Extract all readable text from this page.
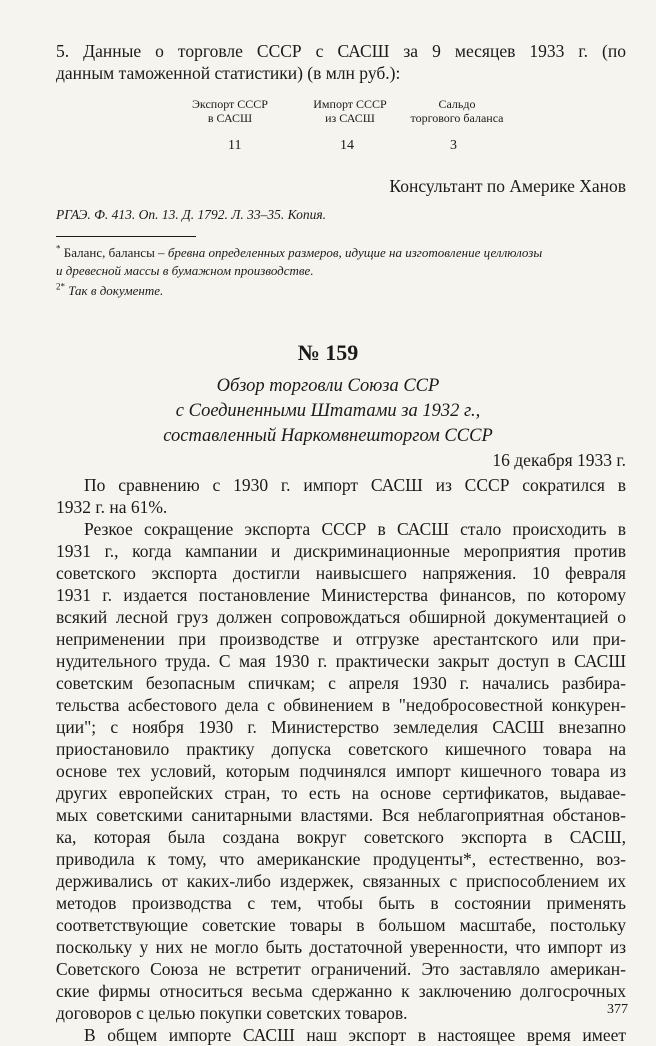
5. Данные о торговле СССР с САСШ за 9 месяцев 1933 г. (по
данным таможенной статистики) (в млн руб.):
Экспорт СССР
в САСШ
Импорт СССР
из САСШ
Сальдо
торгового баланса
11	14	3
Консультант по Америке Ханов
РГАЭ. Ф. 413. Оп. 13. Д. 1792. Л. 33–35. Копия.
* Баланс, балансы – бревна определенных размеров, идущие на изготовление целлюлозы
и древесной массы в бумажном производстве.
$^{2*}$ Так в документе.
№ 159
Обзор торговли Союза ССР
с Соединенными Штатами за 1932 г.,
составленный Наркомвнешторгом СССР
16 декабря 1933 г.
По сравнению с 1930 г. импорт САСШ из СССР сократился в
1932 г. на 61%.
Резкое сокращение экспорта СССР в САСШ стало происходить в
1931 г., когда кампании и дискриминационные мероприятия против
советского экспорта достигли наивысшего напряжения. 10 февраля
1931 г. издается постановление Министерства финансов, по которому
всякий лесной груз должен сопровождаться обширной документацией о
неприменении при производстве и отгрузке арестантского или при-
нудительного труда. С мая 1930 г. практически закрыт доступ в САСШ
советским безопасным спичкам; с апреля 1930 г. начались разбира-
тельства асбестового дела с обвинением в "недобросовестной конкурен-
ции"; с ноября 1930 г. Министерство земледелия САСШ внезапно
приостановило практику допуска советского кишечного товара на
основе тех условий, которым подчинялся импорт кишечного товара из
других европейских стран, то есть на основе сертификатов, выдавае-
мых советскими санитарными властями. Вся неблагоприятная обстанов-
ка, которая была создана вокруг советского экспорта в САСШ,
приводила к тому, что американские продуценты*, естественно, воз-
держивались от каких-либо издержек, связанных с приспособлением их
методов производства с тем, чтобы быть в состоянии применять
соответствующие советские товары в большом масштабе, постольку
поскольку у них не могло быть достаточной уверенности, что импорт из
Советского Союза не встретит ограничений. Это заставляло американ-
ские фирмы относиться весьма сдержанно к заключению долгосрочных
договоров с целью покупки советских товаров.
В общем импорте САСШ наш экспорт в настоящее время имеет
377
